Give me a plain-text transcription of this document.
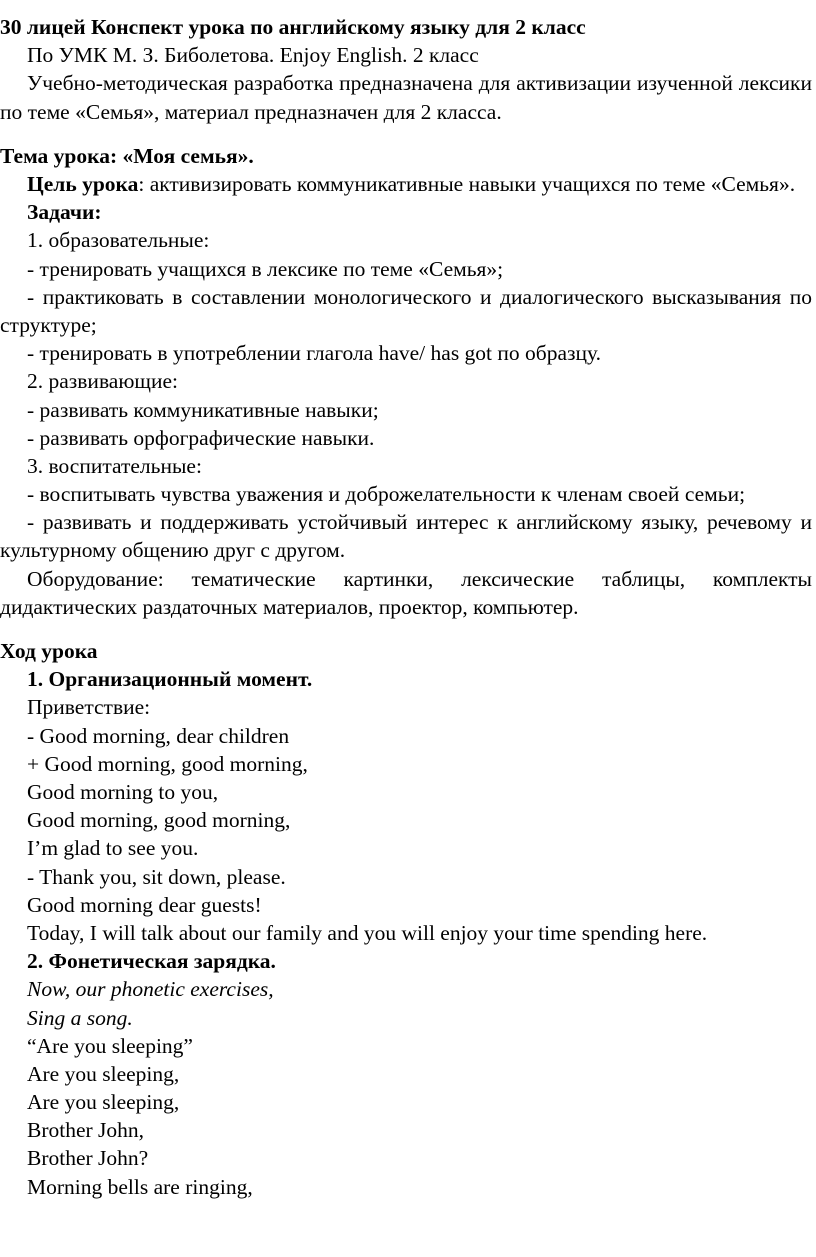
30 лицей Конспект урока по английскому языку для 2 класс

По УМК М. З. Биболетова. Enjoy English. 2 класс

Учебно-методическая разработка предназначена для активизации изученной лексики по теме «Семья», материал предназначен для 2 класса.

Тема урока: «Моя семья».

Цель урока: активизировать коммуникативные навыки учащихся по теме «Семья».

Задачи:

1. образовательные:

- тренировать учащихся в лексике по теме «Семья»;

- практиковать в составлении монологического и диалогического высказывания по структуре;

- тренировать в употреблении глагола have/ has got по образцу.

2. развивающие:

- развивать коммуникативные навыки;

- развивать орфографические навыки.

3. воспитательные:

- воспитывать чувства уважения и доброжелательности к членам своей семьи;

- развивать и поддерживать устойчивый интерес к английскому языку, речевому и культурному общению друг с другом.

Оборудование: тематические картинки, лексические таблицы, комплекты дидактических раздаточных материалов, проектор, компьютер.

Ход урока

1. Организационный момент.

Приветствие:

- Good morning, dear children

+ Good morning, good morning,

Good morning to you,

Good morning, good morning,

I’m glad to see you.

- Thank you, sit down, please.

Good morning dear guests!

Today, I will talk about our family and you will enjoy your time spending here.

2. Фонетическая зарядка.

Now, our phonetic exercises,

Sing a song.

“Are you sleeping”

Are you sleeping,

Are you sleeping,

Brother John,

Brother John?

Morning bells are ringing,
